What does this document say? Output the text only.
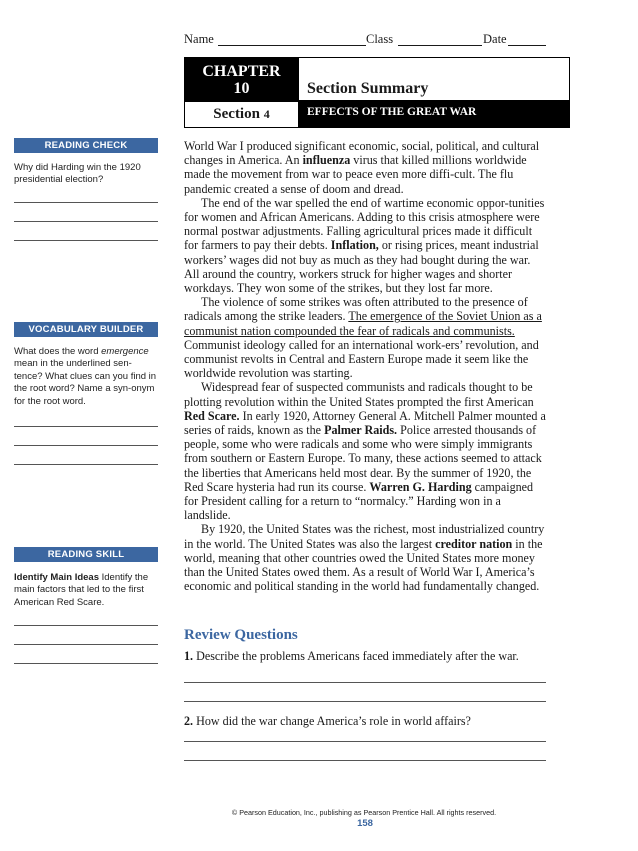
Name	Class	Date
CHAPTER
10	Section Summary
Section 4	EFFECTS OF THE GREAT WAR
READING CHECK
Why did Harding win the 1920 presidential election?
VOCABULARY BUILDER
What does the word emergence mean in the underlined sen-tence? What clues can you find in the root word? Name a syn-onym for the root word.
READING SKILL
Identify Main Ideas Identify the main factors that led to the first American Red Scare.

World War I produced significant economic, social, political, and cultural changes in America. An influenza virus that killed millions worldwide made the movement from war to peace even more diffi-cult. The flu pandemic created a sense of doom and dread.

The end of the war spelled the end of wartime economic oppor-tunities for women and African Americans. Adding to this crisis atmosphere were normal postwar adjustments. Falling agricultural prices made it difficult for farmers to pay their debts. Inflation, or rising prices, meant industrial workers’ wages did not buy as much as they had bought during the war. All around the country, workers struck for higher wages and shorter workdays. They won some of the strikes, but they lost far more.

The violence of some strikes was often attributed to the presence of radicals among the strike leaders. The emergence of the Soviet Union as a communist nation compounded the fear of radicals and communists. Communist ideology called for an international work-ers’ revolution, and communist revolts in Central and Eastern Europe made it seem like the worldwide revolution was starting.

Widespread fear of suspected communists and radicals thought to be plotting revolution within the United States prompted the first American Red Scare. In early 1920, Attorney General A. Mitchell Palmer mounted a series of raids, known as the Palmer Raids. Police arrested thousands of people, some who were radicals and some who were simply immigrants from southern or Eastern Europe. To many, these actions seemed to attack the liberties that Americans held most dear. By the summer of 1920, the Red Scare hysteria had run its course. Warren G. Harding campaigned for President calling for a return to “normalcy.” Harding won in a landslide.

By 1920, the United States was the richest, most industrialized country in the world. The United States was also the largest creditor nation in the world, meaning that other countries owed the United States more money than the United States owed them. As a result of World War I, America’s economic and political standing in the world had fundamentally changed.

Review Questions
1. Describe the problems Americans faced immediately after the war.
2. How did the war change America’s role in world affairs?
© Pearson Education, Inc., publishing as Pearson Prentice Hall. All rights reserved.
158
